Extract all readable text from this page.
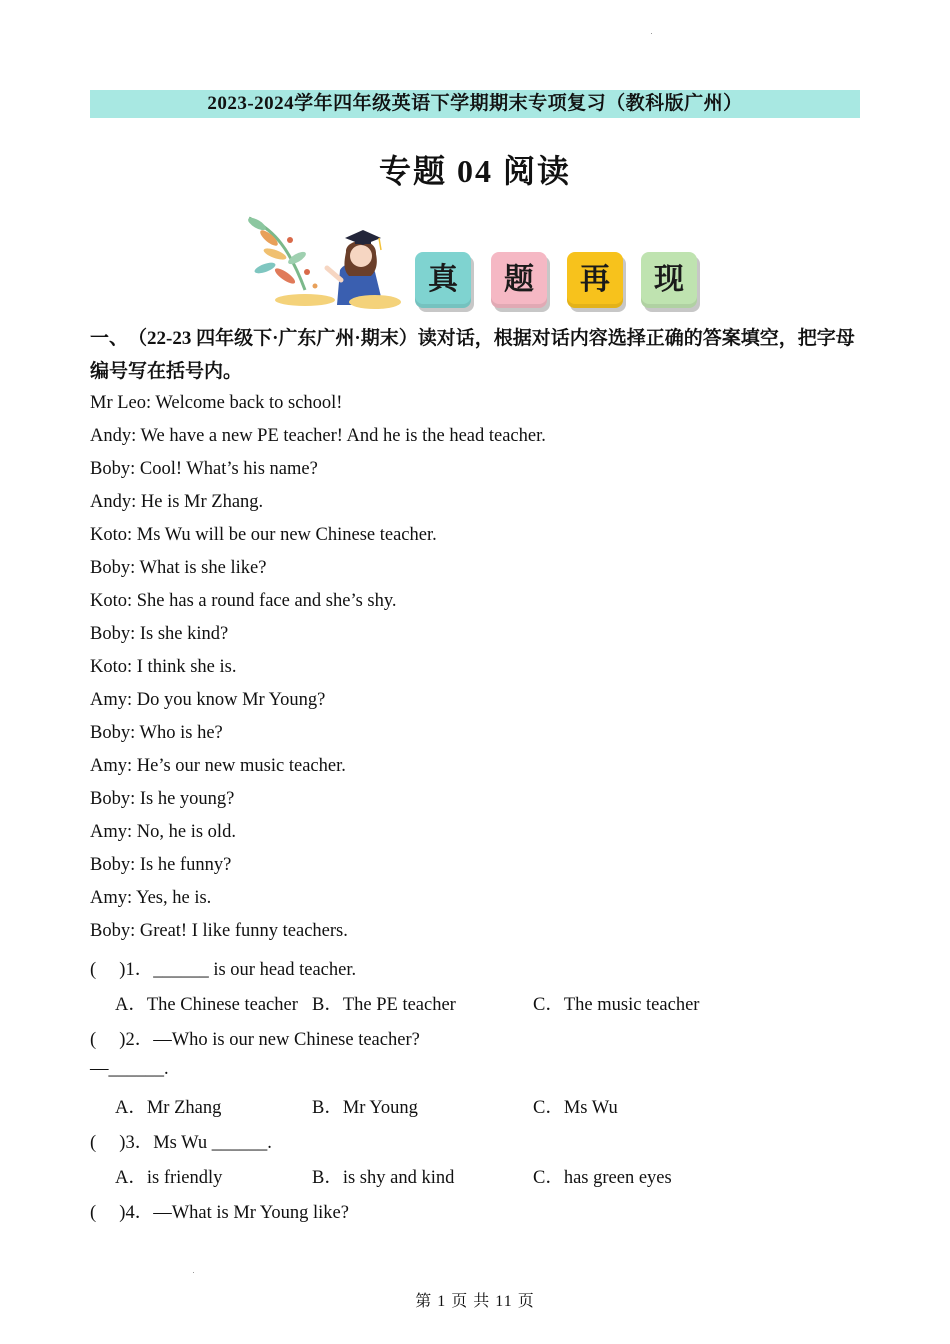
2023-2024学年四年级英语下学期期末专项复习（教科版广州）
专题 04 阅读
真	题	再	现
一、　（22-23 四年级下·广东广州·期末）读对话，根据对话内容选择正确的答案填空，把字母编号写在括号内。
Mr Leo: Welcome back to school!
Andy: We have a new PE teacher! And he is the head teacher.
Boby: Cool! What’s his name?
Andy: He is Mr Zhang.
Koto: Ms Wu will be our new Chinese teacher.
Boby: What is she like?
Koto: She has a round face and she’s shy.
Boby: Is she kind?
Koto: I think she is.
Amy: Do you know Mr Young?
Boby: Who is he?
Amy: He’s our new music teacher.
Boby: Is he young?
Amy: No, he is old.
Boby: Is he funny?
Amy: Yes, he is.
Boby: Great! I like funny teachers.
(　 )1．______ is our head teacher.
A．The Chinese teacher B．The PE teacher	C．The music teacher
(　 )2．—Who is our new Chinese teacher?
—______.
A．Mr Zhang	B．Mr Young	C．Ms Wu
(　 )3．Ms Wu ______.
A．is friendly	B．is shy and kind	C．has green eyes
(　 )4．—What is Mr Young like?
第 1 页 共 11 页
